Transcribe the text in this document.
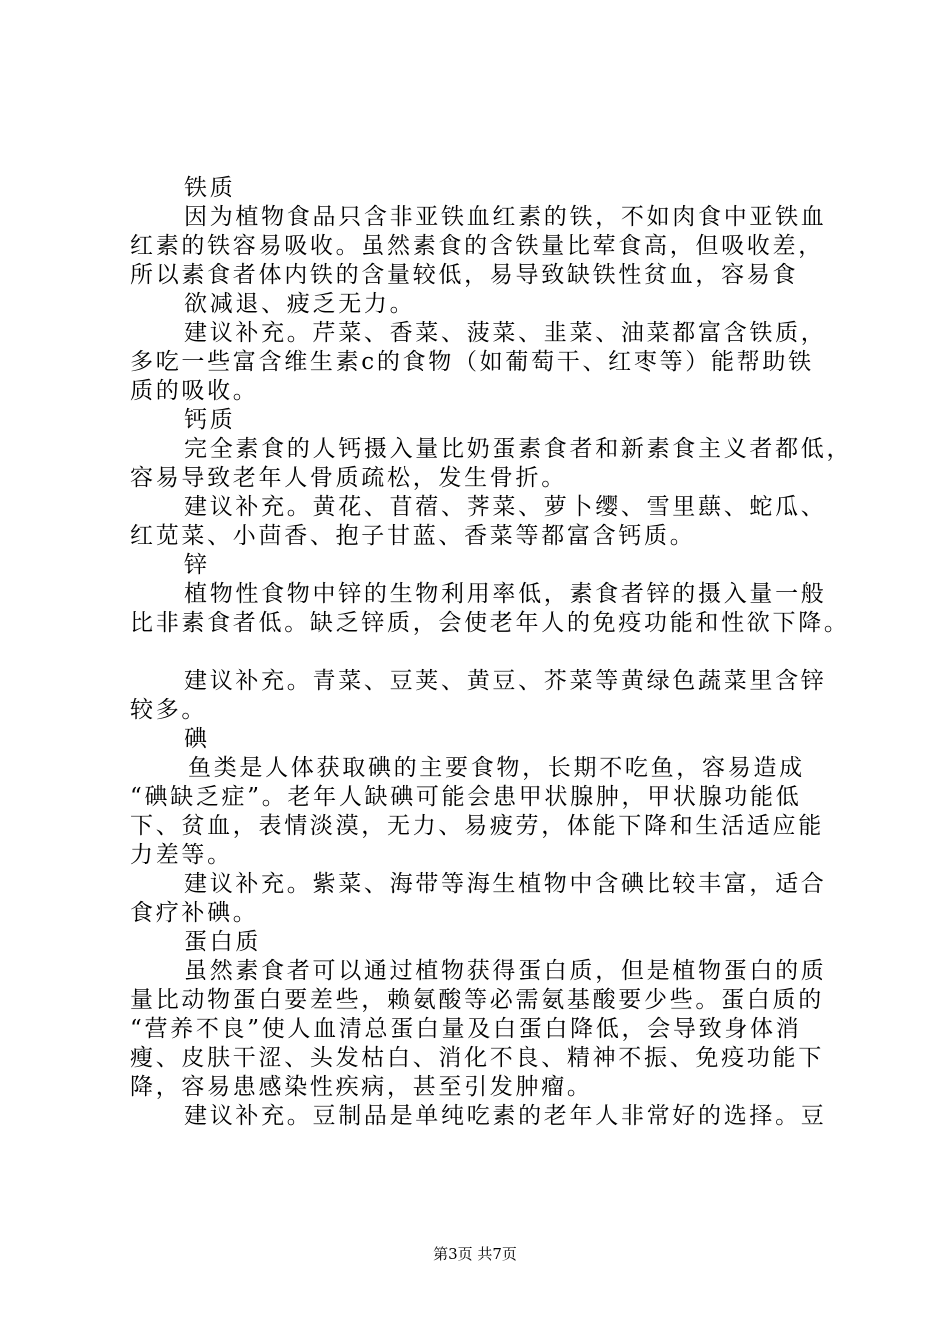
铁质
因为植物食品只含非亚铁血红素的铁，不如肉食中亚铁血
红素的铁容易吸收。虽然素食的含铁量比荤食高，但吸收差，
所以素食者体内铁的含量较低，易导致缺铁性贫血，容易食
欲减退、疲乏无力。
建议补充。芹菜、香菜、菠菜、韭菜、油菜都富含铁质，
多吃一些富含维生素c的食物（如葡萄干、红枣等）能帮助铁
质的吸收。
钙质
完全素食的人钙摄入量比奶蛋素食者和新素食主义者都低，
容易导致老年人骨质疏松，发生骨折。
建议补充。黄花、苜蓿、荠菜、萝卜缨、雪里蕻、蛇瓜、
红苋菜、小茴香、抱子甘蓝、香菜等都富含钙质。
锌
植物性食物中锌的生物利用率低，素食者锌的摄入量一般
比非素食者低。缺乏锌质，会使老年人的免疫功能和性欲下降。
建议补充。青菜、豆荚、黄豆、芥菜等黄绿色蔬菜里含锌
较多。
碘
鱼类是人体获取碘的主要食物，长期不吃鱼，容易造成
“碘缺乏症”。老年人缺碘可能会患甲状腺肿，甲状腺功能低
下、贫血，表情淡漠，无力、易疲劳，体能下降和生活适应能
力差等。
建议补充。紫菜、海带等海生植物中含碘比较丰富，适合
食疗补碘。
蛋白质
虽然素食者可以通过植物获得蛋白质，但是植物蛋白的质
量比动物蛋白要差些，赖氨酸等必需氨基酸要少些。蛋白质的
“营养不良”使人血清总蛋白量及白蛋白降低，会导致身体消
瘦、皮肤干涩、头发枯白、消化不良、精神不振、免疫功能下
降，容易患感染性疾病，甚至引发肿瘤。
建议补充。豆制品是单纯吃素的老年人非常好的选择。豆
第3页 共7页
